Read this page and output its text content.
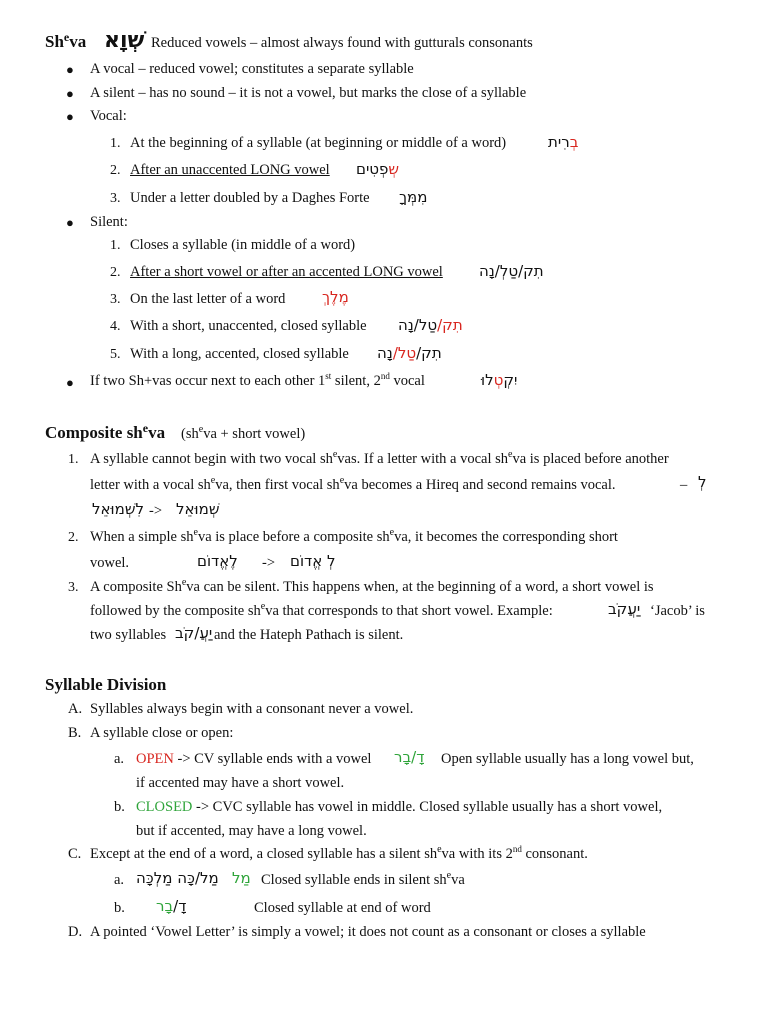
Sh$^e$va שְׁוָא Reduced vowels – almost always found with gutturals consonants
● A vocal – reduced vowel; constitutes a separate syllable
● A silent – has no sound – it is not a vowel, but marks the close of a syllable
● Vocal:
1. At the beginning of a syllable (at beginning or middle of a word)	בְרִית
2. After an unaccented LONG vowel	שְפְטִים
3. Under a letter doubled by a Daghes Forte מִמְּךָ
● Silent:
1. Closes a syllable (in middle of a word)
2. After a short vowel or after an accented LONG vowel תִק/טַלְ/נָה
3. On the last letter of a word מֶלֶךְ
4. With a short, unaccented, closed syllable	תִק/טַל/נָה
5. With a long, accented, closed syllable	תִק/טַל/נָה
● If two Sh+vas occur next to each other 1st silent, 2nd vocal	יִקְטְלוּ
Composite $sh^eva$ ($sh^eva$ + short vowel)
1. A syllable cannot begin with two vocal $sh^evas$. If a letter with a vocal $sh^eva$ is placed before another
letter with a vocal $sh^eva$, then first vocal $sh^eva$ becomes a Hireq and second remains vocal.	– לְ
לִשְׁמוּאֵל -> שְׁמוּאֵל
2. When a simple $sh^eva$ is place before a composite $sh^eva$, it becomes the corresponding short
vowel.	לֶאֱדוֹם -> לְ אֱדוֹם
3. A composite Sh$^e$va can be silent. This happens when, at the beginning of a word, a short vowel is
followed by the composite $sh^eva$ that corresponds to that short vowel. Example:	יַעֲקֹב ‘Jacob’ is
two syllables יַעֲ/קֹב and the Hateph Pathach is silent.
Syllable Division
A. Syllables always begin with a consonant never a vowel.
B. A syllable close or open:
a. OPEN -> CV syllable ends with a vowel דָ/בָר Open syllable usually has a long vowel but,
if accented may have a short vowel.
b. CLOSED -> CVC syllable has vowel in middle. Closed syllable usually has a short vowel,
but if accented, may have a long vowel.
C. Except at the end of a word, a closed syllable has a silent $sh^eva$ with its 2nd consonant.
a. מַל/כָּה מַלְכָּה מַל Closed syllable ends in silent $sh^eva$
b.	דָ/בָר	Closed syllable at end of word
D. A pointed ‘Vowel Letter’ is simply a vowel; it does not count as a consonant or closes a syllable
